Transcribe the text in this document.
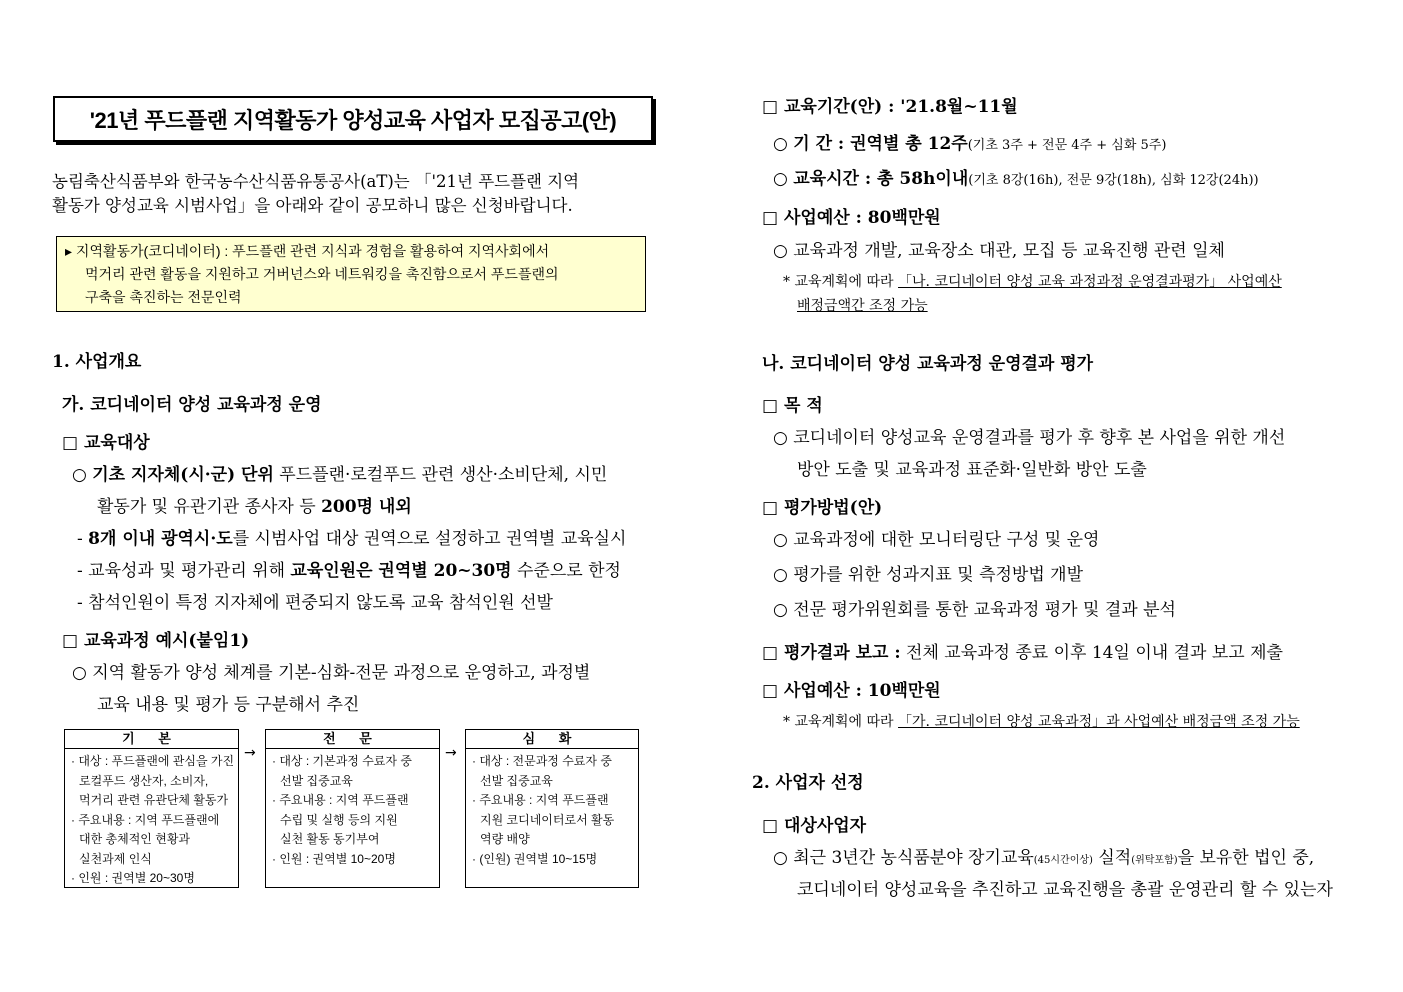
'21년 푸드플랜 지역활동가 양성교육 사업자 모집공고(안)
농림축산식품부와 한국농수산식품유통공사(aT)는 「'21년 푸드플랜 지역
활동가 양성교육 시범사업」을 아래와 같이 공모하니 많은 신청바랍니다.
▸ 지역활동가(코디네이터) : 푸드플랜 관련 지식과 경험을 활용하여 지역사회에서
먹거리 관련 활동을 지원하고 거버넌스와 네트워킹을 촉진함으로서 푸드플랜의
구축을 촉진하는 전문인력
1. 사업개요
가. 코디네이터 양성 교육과정 운영
□ 교육대상
○ 기초 지자체(시·군) 단위 푸드플랜·로컬푸드 관련 생산·소비단체, 시민
활동가 및 유관기관 종사자 등 200명 내외
- 8개 이내 광역시·도를 시범사업 대상 권역으로 설정하고 권역별 교육실시
- 교육성과 및 평가관리 위해 교육인원은 권역별 20~30명 수준으로 한정
- 참석인원이 특정 지자체에 편중되지 않도록 교육 참석인원 선발
□ 교육과정 예시(붙임1)
○ 지역 활동가 양성 체계를 기본-심화-전문 과정으로 운영하고, 과정별
교육 내용 및 평가 등 구분해서 추진
기 본
· 대상 : 푸드플랜에 관심을 가진
로컬푸드 생산자, 소비자,
먹거리 관련 유관단체 활동가
· 주요내용 : 지역 푸드플랜에
대한 총체적인 현황과
실천과제 인식
· 인원 : 권역별 20~30명
→
전 문
· 대상 : 기본과정 수료자 중
선발 집중교육
· 주요내용 : 지역 푸드플랜
수립 및 실행 등의 지원
실천 활동 동기부여
· 인원 : 권역별 10~20명
→
심 화
· 대상 : 전문과정 수료자 중
선발 집중교육
· 주요내용 : 지역 푸드플랜
지원 코디네이터로서 활동
역량 배양
· (인원) 권역별 10~15명
□ 교육기간(안) : '21.8월~11월
○ 기 간 : 권역별 총 12주(기초 3주 + 전문 4주 + 심화 5주)
○ 교육시간 : 총 58h이내(기초 8강(16h), 전문 9강(18h), 심화 12강(24h))
□ 사업예산 : 80백만원
○ 교육과정 개발, 교육장소 대관, 모집 등 교육진행 관련 일체
* 교육계획에 따라 「나. 코디네이터 양성 교육 과정과정 운영결과평가」 사업예산
배정금액간 조정 가능
나. 코디네이터 양성 교육과정 운영결과 평가
□ 목 적
○ 코디네이터 양성교육 운영결과를 평가 후 향후 본 사업을 위한 개선
방안 도출 및 교육과정 표준화·일반화 방안 도출
□ 평가방법(안)
○ 교육과정에 대한 모니터링단 구성 및 운영
○ 평가를 위한 성과지표 및 측정방법 개발
○ 전문 평가위원회를 통한 교육과정 평가 및 결과 분석
□ 평가결과 보고 : 전체 교육과정 종료 이후 14일 이내 결과 보고 제출
□ 사업예산 : 10백만원
* 교육계획에 따라 「가. 코디네이터 양성 교육과정」과 사업예산 배정금액 조정 가능
2. 사업자 선정
□ 대상사업자
○ 최근 3년간 농식품분야 장기교육(45시간이상) 실적(위탁포함)을 보유한 법인 중,
코디네이터 양성교육을 추진하고 교육진행을 총괄 운영관리 할 수 있는자
